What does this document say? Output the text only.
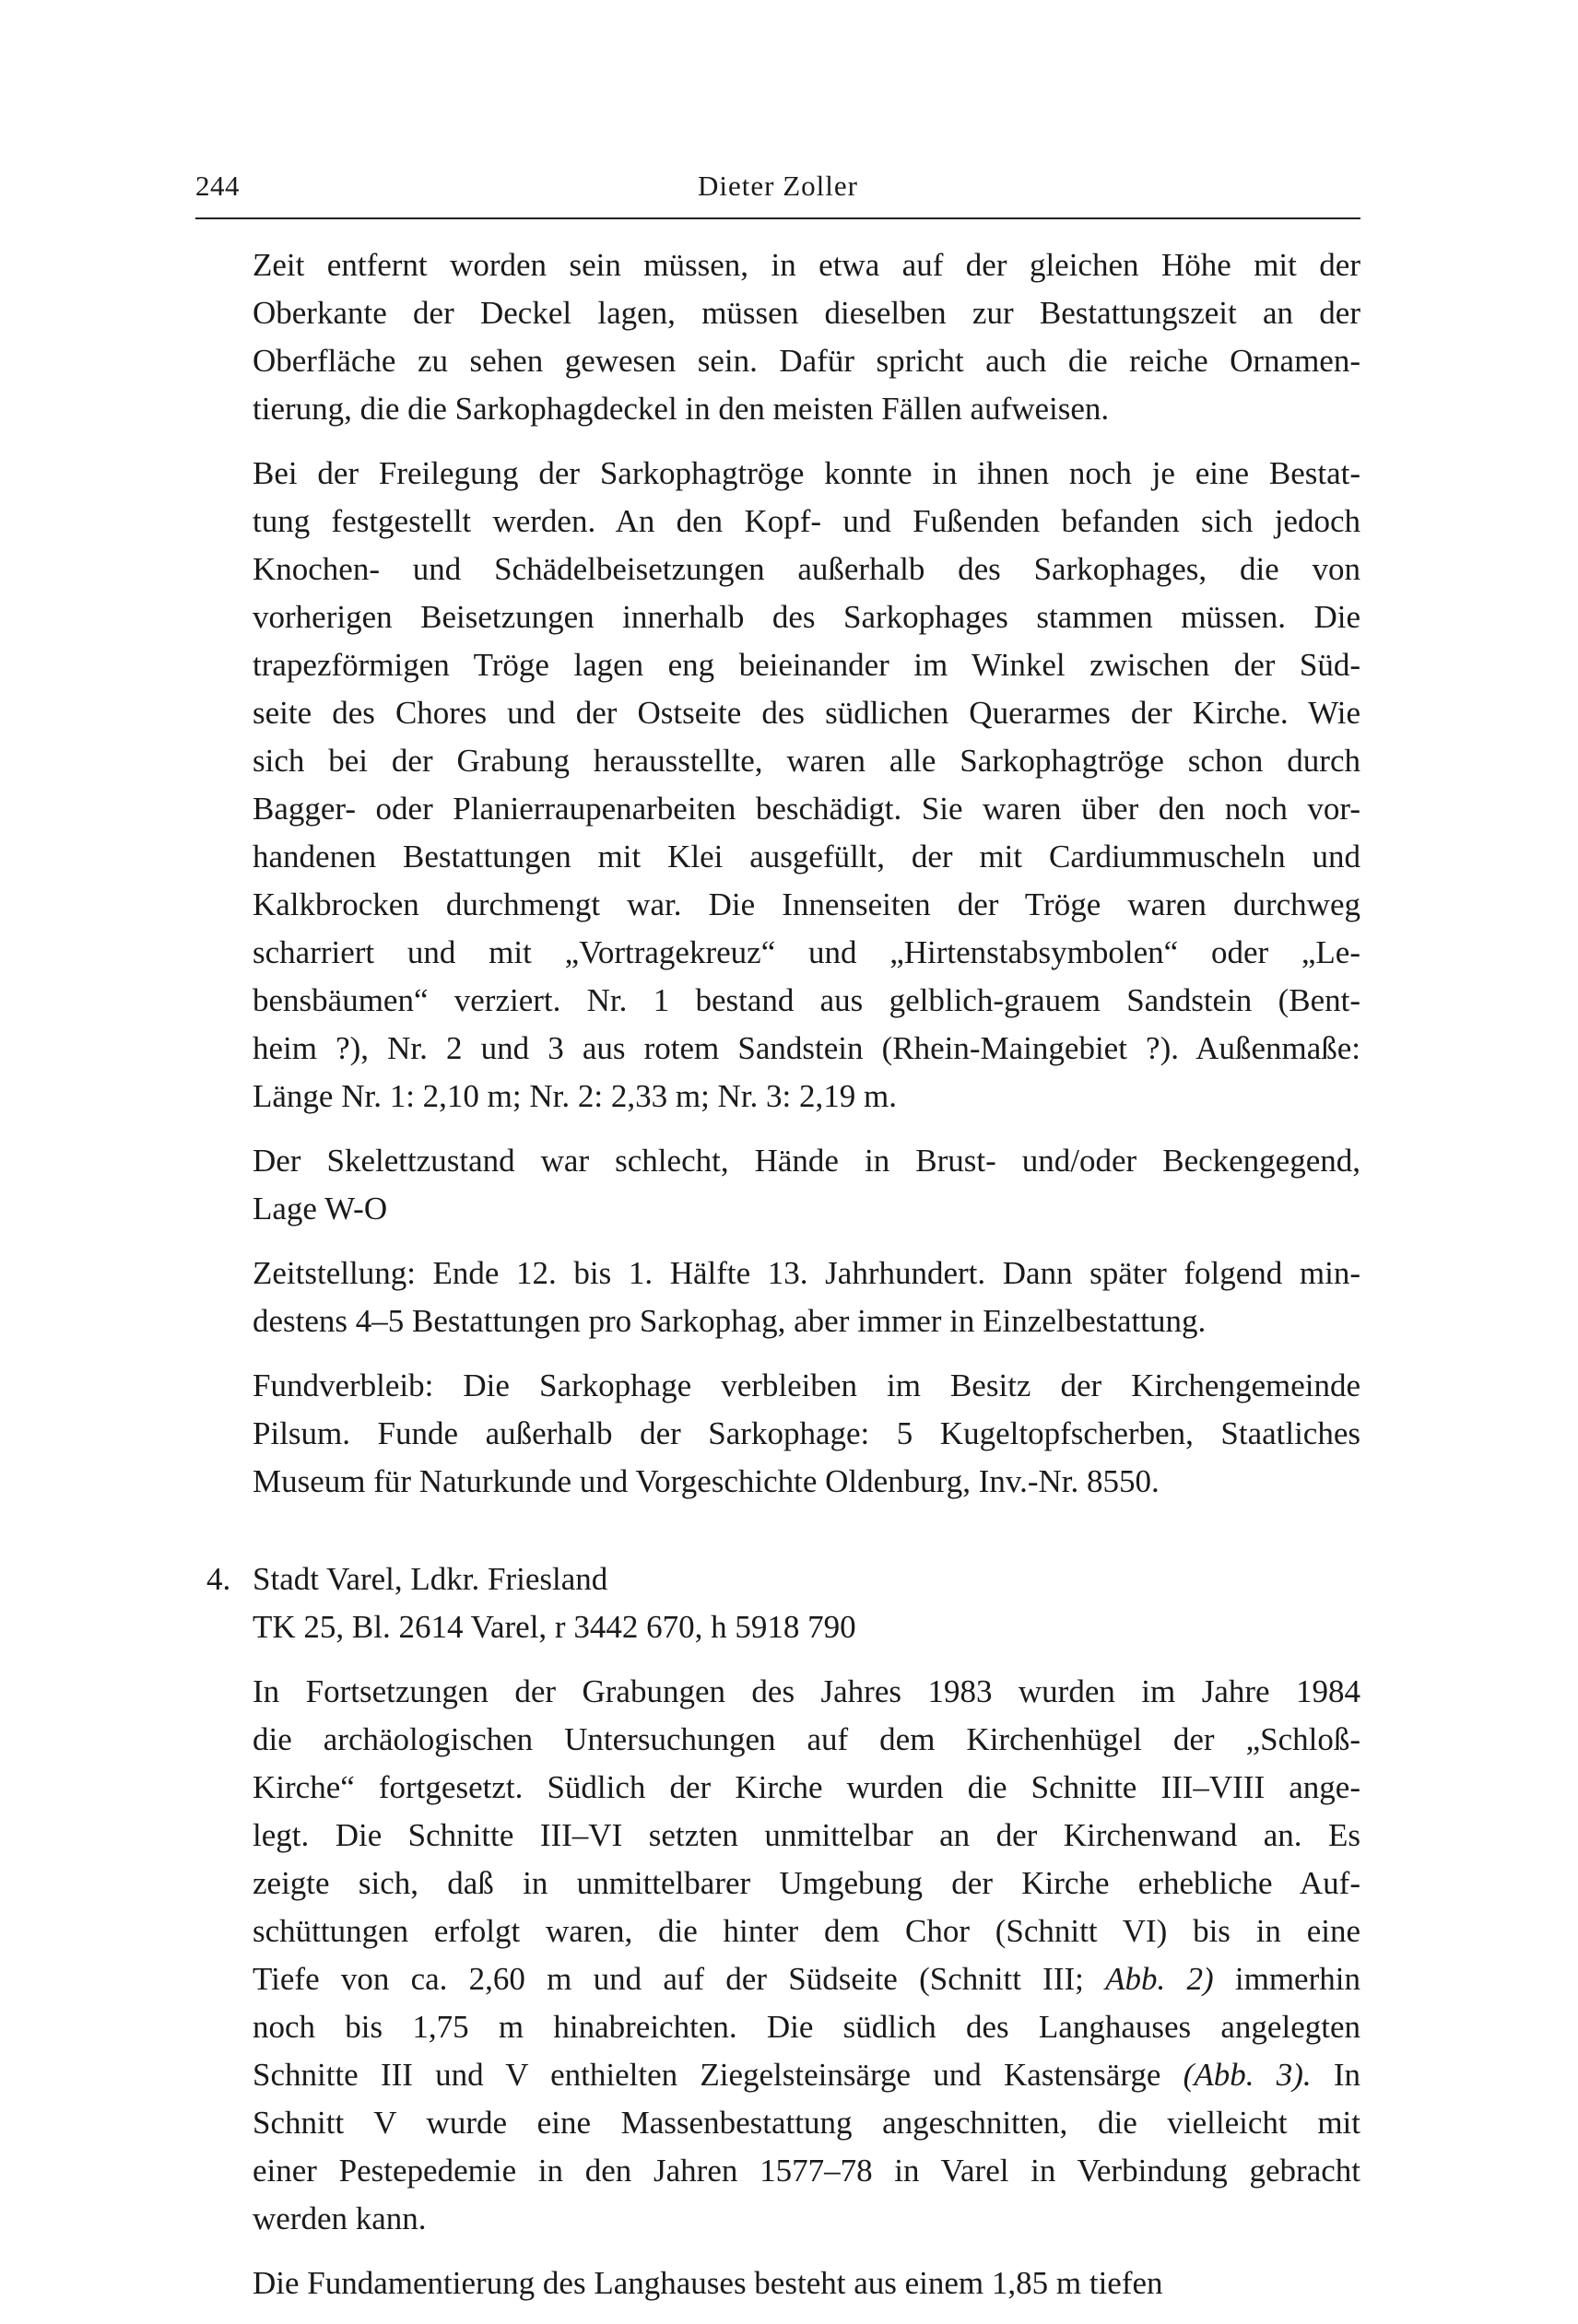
244	Dieter Zoller

Zeit entfernt worden sein müssen, in etwa auf der gleichen Höhe mit der
Oberkante der Deckel lagen, müssen dieselben zur Bestattungszeit an der
Oberfläche zu sehen gewesen sein. Dafür spricht auch die reiche Ornamen-
tierung, die die Sarkophagdeckel in den meisten Fällen aufweisen.

Bei der Freilegung der Sarkophagtröge konnte in ihnen noch je eine Bestat-
tung festgestellt werden. An den Kopf- und Fußenden befanden sich jedoch
Knochen- und Schädelbeisetzungen außerhalb des Sarkophages, die von
vorherigen Beisetzungen innerhalb des Sarkophages stammen müssen. Die
trapezförmigen Tröge lagen eng beieinander im Winkel zwischen der Süd-
seite des Chores und der Ostseite des südlichen Querarmes der Kirche. Wie
sich bei der Grabung herausstellte, waren alle Sarkophagtröge schon durch
Bagger- oder Planierraupenarbeiten beschädigt. Sie waren über den noch vor-
handenen Bestattungen mit Klei ausgefüllt, der mit Cardiummuscheln und
Kalkbrocken durchmengt war. Die Innenseiten der Tröge waren durchweg
scharriert und mit „Vortragekreuz“ und „Hirtenstabsymbolen“ oder „Le-
bensbäumen“ verziert. Nr. 1 bestand aus gelblich-grauem Sandstein (Bent-
heim ?), Nr. 2 und 3 aus rotem Sandstein (Rhein-Maingebiet ?). Außenmaße:
Länge Nr. 1: 2,10 m; Nr. 2: 2,33 m; Nr. 3: 2,19 m.

Der Skelettzustand war schlecht, Hände in Brust- und/oder Beckengegend,
Lage W-O

Zeitstellung: Ende 12. bis 1. Hälfte 13. Jahrhundert. Dann später folgend min-
destens 4–5 Bestattungen pro Sarkophag, aber immer in Einzelbestattung.

Fundverbleib: Die Sarkophage verbleiben im Besitz der Kirchengemeinde
Pilsum. Funde außerhalb der Sarkophage: 5 Kugeltopfscherben, Staatliches
Museum für Naturkunde und Vorgeschichte Oldenburg, Inv.-Nr. 8550.

4. Stadt Varel, Ldkr. Friesland
TK 25, Bl. 2614 Varel, r 3442 670, h 5918 790

In Fortsetzungen der Grabungen des Jahres 1983 wurden im Jahre 1984
die archäologischen Untersuchungen auf dem Kirchenhügel der „Schloß-
Kirche“ fortgesetzt. Südlich der Kirche wurden die Schnitte III–VIII ange-
legt. Die Schnitte III–VI setzten unmittelbar an der Kirchenwand an. Es
zeigte sich, daß in unmittelbarer Umgebung der Kirche erhebliche Auf-
schüttungen erfolgt waren, die hinter dem Chor (Schnitt VI) bis in eine
Tiefe von ca. 2,60 m und auf der Südseite (Schnitt III; Abb. 2) immerhin
noch bis 1,75 m hinabreichten. Die südlich des Langhauses angelegten
Schnitte III und V enthielten Ziegelsteinsärge und Kastensärge (Abb. 3). In
Schnitt V wurde eine Massenbestattung angeschnitten, die vielleicht mit
einer Pestepedemie in den Jahren 1577–78 in Varel in Verbindung gebracht
werden kann.

Die Fundamentierung des Langhauses besteht aus einem 1,85 m tiefen
